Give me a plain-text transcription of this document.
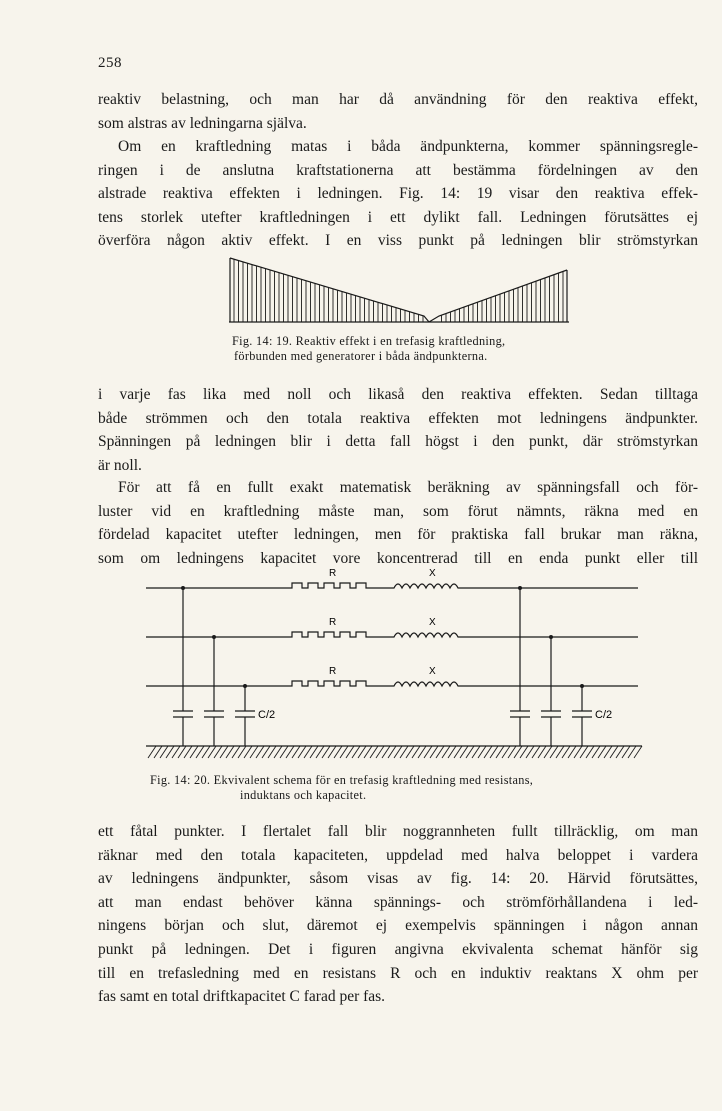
258
reaktiv belastning, och man har då användning för den reaktiva effekt,
som alstras av ledningarna själva.
Om en kraftledning matas i båda ändpunkterna, kommer spänningsregle-
ringen i de anslutna kraftstationerna att bestämma fördelningen av den
alstrade reaktiva effekten i ledningen. Fig. 14: 19 visar den reaktiva effek-
tens storlek utefter kraftledningen i ett dylikt fall. Ledningen förutsättes ej
överföra någon aktiv effekt. I en viss punkt på ledningen blir strömstyrkan
Fig. 14: 19. Reaktiv effekt i en trefasig kraftledning,
förbunden med generatorer i båda ändpunkterna.
i varje fas lika med noll och likaså den reaktiva effekten. Sedan tilltaga
både strömmen och den totala reaktiva effekten mot ledningens ändpunkter.
Spänningen på ledningen blir i detta fall högst i den punkt, där strömstyrkan
är noll.
För att få en fullt exakt matematisk beräkning av spänningsfall och för-
luster vid en kraftledning måste man, som förut nämnts, räkna med en
fördelad kapacitet utefter ledningen, men för praktiska fall brukar man räkna,
som om ledningens kapacitet vore koncentrerad till en enda punkt eller till
R	X
R	X
R	X
C/2	C/2
Fig. 14: 20. Ekvivalent schema för en trefasig kraftledning med resistans,
induktans och kapacitet.
ett fåtal punkter. I flertalet fall blir noggrannheten fullt tillräcklig, om man
räknar med den totala kapaciteten, uppdelad med halva beloppet i vardera
av ledningens ändpunkter, såsom visas av fig. 14: 20. Härvid förutsättes,
att man endast behöver känna spännings- och strömförhållandena i led-
ningens början och slut, däremot ej exempelvis spänningen i någon annan
punkt på ledningen. Det i figuren angivna ekvivalenta schemat hänför sig
till en trefasledning med en resistans R och en induktiv reaktans X ohm per
fas samt en total driftkapacitet C farad per fas.
